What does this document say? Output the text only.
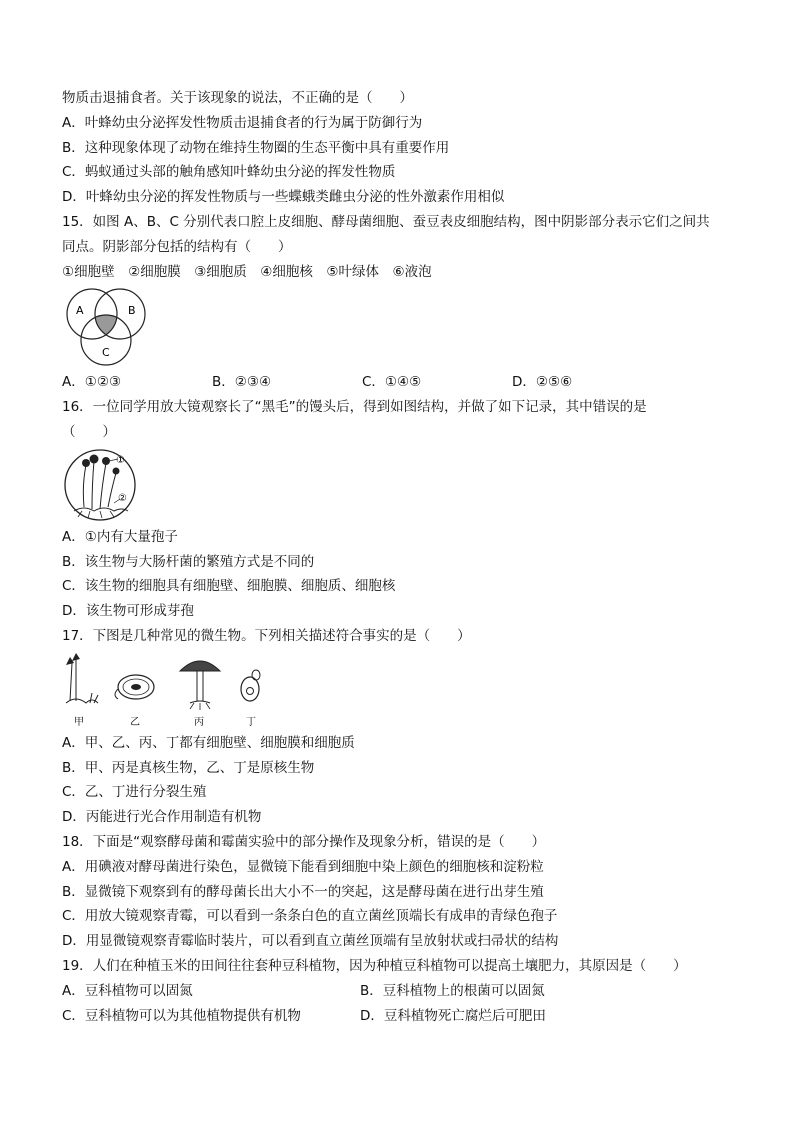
物质击退捕食者。关于该现象的说法，不正确的是（　　）
A．叶蜂幼虫分泌挥发性物质击退捕食者的行为属于防御行为
B．这种现象体现了动物在维持生物圈的生态平衡中具有重要作用
C．蚂蚁通过头部的触角感知叶蜂幼虫分泌的挥发性物质
D．叶蜂幼虫分泌的挥发性物质与一些蝶蛾类雌虫分泌的性外激素作用相似
15．如图 A、B、C 分别代表口腔上皮细胞、酵母菌细胞、蚕豆表皮细胞结构，图中阴影部分表示它们之间共
同点。阴影部分包括的结构有（　　）
①细胞壁　②细胞膜　③细胞质　④细胞核　⑤叶绿体　⑥液泡
A	B
C
A．①②③	B．②③④	C．①④⑤	D．②⑤⑥
16．一位同学用放大镜观察长了“黑毛”的馒头后，得到如图结构，并做了如下记录，其中错误的是
（　　）
①
②
A．①内有大量孢子
B．该生物与大肠杆菌的繁殖方式是不同的
C．该生物的细胞具有细胞壁、细胞膜、细胞质、细胞核
D．该生物可形成芽孢
17．下图是几种常见的微生物。下列相关描述符合事实的是（　　）
甲	乙	丙	丁
A．甲、乙、丙、丁都有细胞壁、细胞膜和细胞质
B．甲、丙是真核生物，乙、丁是原核生物
C．乙、丁进行分裂生殖
D．丙能进行光合作用制造有机物
18．下面是“观察酵母菌和霉菌实验中的部分操作及现象分析，错误的是（　　）
A．用碘液对酵母菌进行染色，显微镜下能看到细胞中染上颜色的细胞核和淀粉粒
B．显微镜下观察到有的酵母菌长出大小不一的突起，这是酵母菌在进行出芽生殖
C．用放大镜观察青霉，可以看到一条条白色的直立菌丝顶端长有成串的青绿色孢子
D．用显微镜观察青霉临时装片，可以看到直立菌丝顶端有呈放射状或扫帚状的结构
19．人们在种植玉米的田间往往套种豆科植物，因为种植豆科植物可以提高土壤肥力，其原因是（　　）
A．豆科植物可以固氮	B．豆科植物上的根菌可以固氮
C．豆科植物可以为其他植物提供有机物	D．豆科植物死亡腐烂后可肥田
